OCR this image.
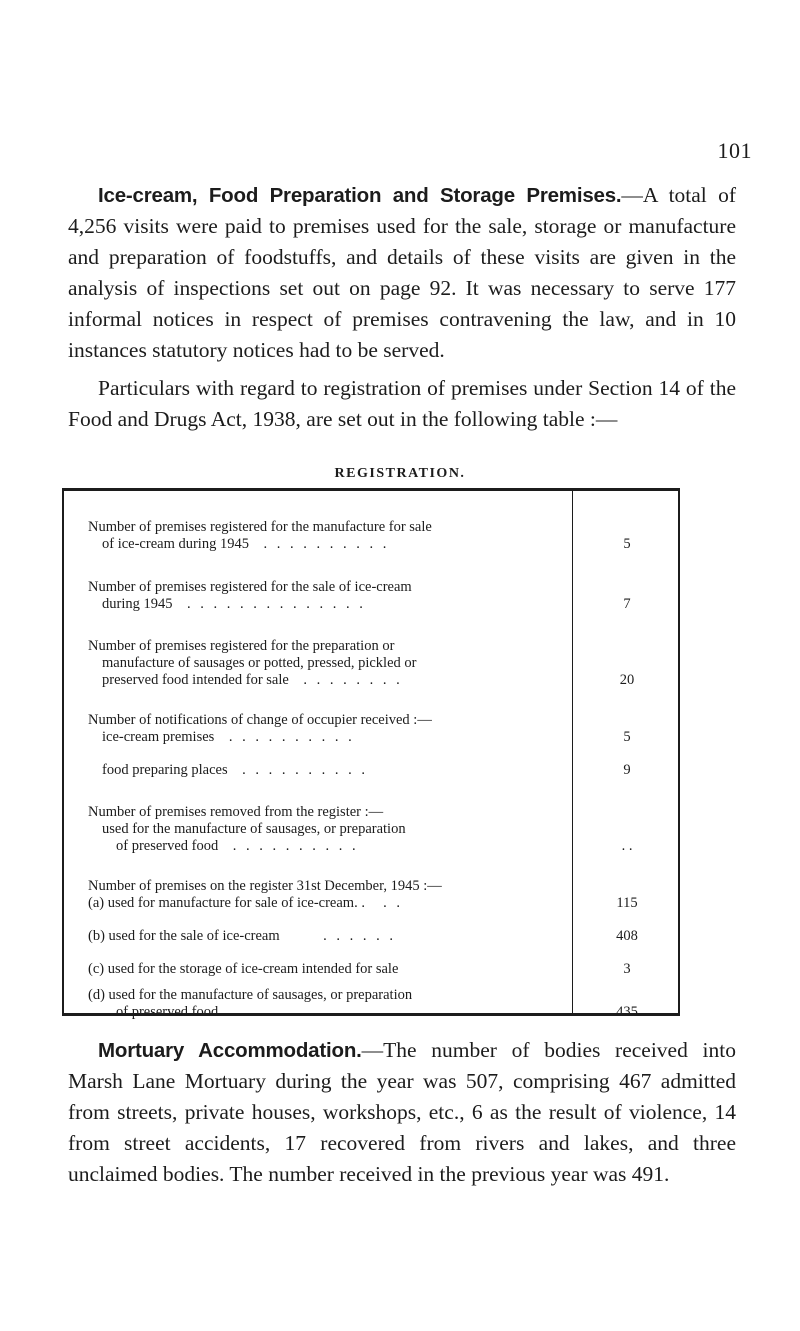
101
Ice-cream, Food Preparation and Storage Premises.—A total of 4,256 visits were paid to premises used for the sale, storage or manufacture and preparation of foodstuffs, and details of these visits are given in the analysis of inspections set out on page 92. It was necessary to serve 177 informal notices in respect of premises contravening the law, and in 10 instances statutory notices had to be served.
Particulars with regard to registration of premises under Section 14 of the Food and Drugs Act, 1938, are set out in the following table :—
REGISTRATION.
Number of premises registered for the manufacture for sale
of ice-cream during 1945 . . . . . . . . . .	5
Number of premises registered for the sale of ice-cream
during 1945 . . . . . . . . . . . . . .	7
Number of premises registered for the preparation or
manufacture of sausages or potted, pressed, pickled or
preserved food intended for sale . . . . . . . .	20
Number of notifications of change of occupier received :—
ice-cream premises . . . . . . . . . .	5
food preparing places . . . . . . . . . .	9
Number of premises removed from the register :—
used for the manufacture of sausages, or preparation
of preserved food . . . . . . . . . .	. .
Number of premises on the register 31st December, 1945 :—
(a) used for manufacture for sale of ice-cream. . . .	115
(b) used for the sale of ice-cream	. . . . . .	408
(c) used for the storage of ice-cream intended for sale	3
(d) used for the manufacture of sausages, or preparation
of preserved food . . . . . . . . . .	435
Mortuary Accommodation.—The number of bodies received into Marsh Lane Mortuary during the year was 507, comprising 467 admitted from streets, private houses, workshops, etc., 6 as the result of violence, 14 from street accidents, 17 recovered from rivers and lakes, and three unclaimed bodies. The number received in the previous year was 491.
